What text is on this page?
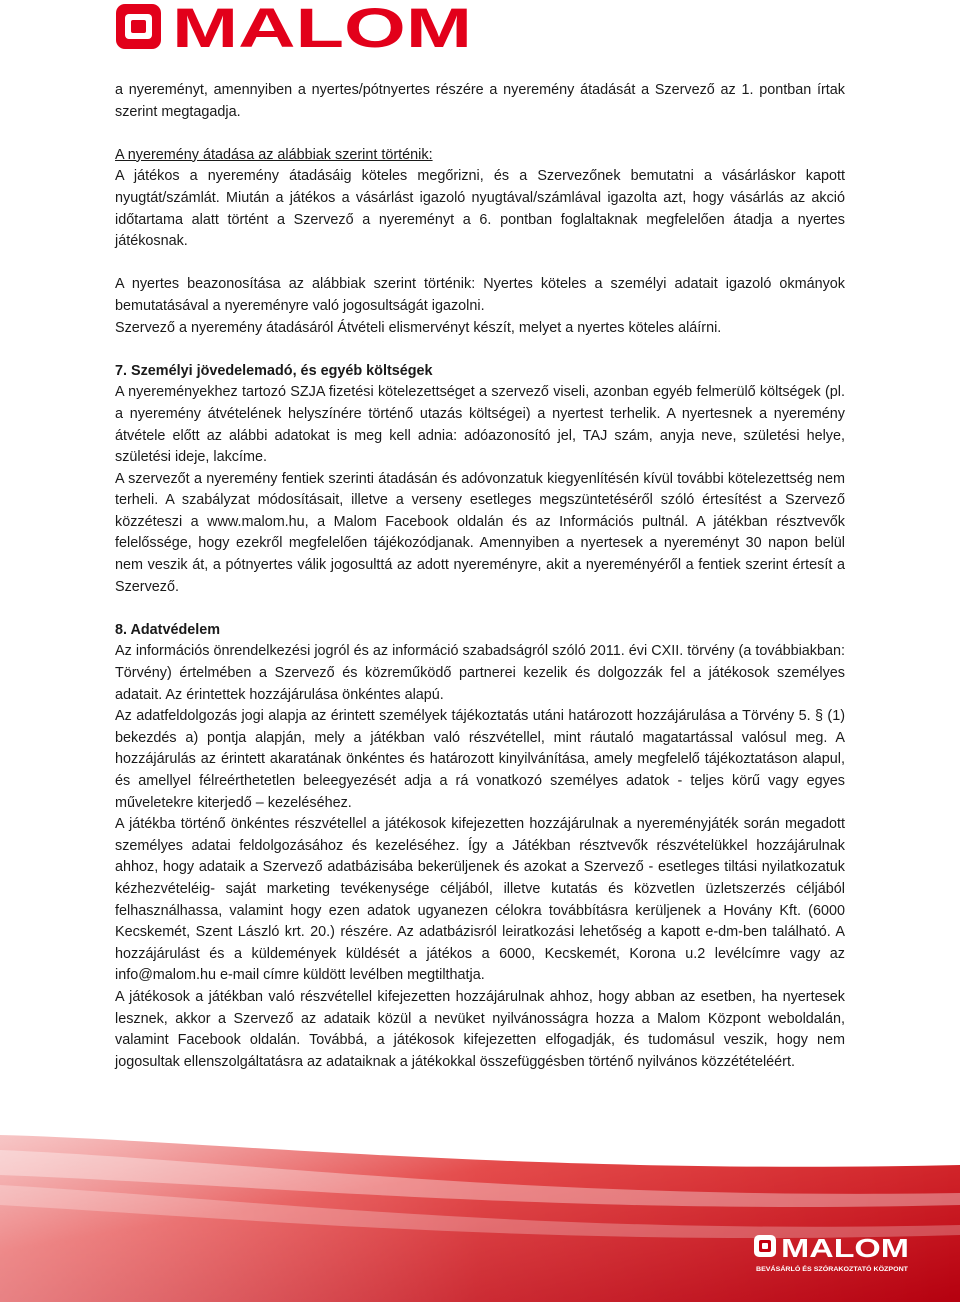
MALOM

a nyereményt, amennyiben a nyertes/pótnyertes részére a nyeremény átadását a Szervező az 1. pontban írtak szerint megtagadja.

A nyeremény átadása az alábbiak szerint történik:

A játékos a nyeremény átadásáig köteles megőrizni, és a Szervezőnek bemutatni a vásárláskor kapott nyugtát/számlát. Miután a játékos a vásárlást igazoló nyugtával/számlával igazolta azt, hogy vásárlás az akció időtartama alatt történt a Szervező a nyereményt a 6. pontban foglaltaknak megfelelően átadja a nyertes játékosnak.

A nyertes beazonosítása az alábbiak szerint történik: Nyertes köteles a személyi adatait igazoló okmányok bemutatásával a nyereményre való jogosultságát igazolni.

Szervező a nyeremény átadásáról Átvételi elismervényt készít, melyet a nyertes köteles aláírni.

7. Személyi jövedelemadó, és egyéb költségek

A nyereményekhez tartozó SZJA fizetési kötelezettséget a szervező viseli, azonban egyéb felmerülő költségek (pl. a nyeremény átvételének helyszínére történő utazás költségei) a nyertest terhelik. A nyertesnek a nyeremény átvétele előtt az alábbi adatokat is meg kell adnia: adóazonosító jel, TAJ szám, anyja neve, születési helye, születési ideje, lakcíme.

A szervezőt a nyeremény fentiek szerinti átadásán és adóvonzatuk kiegyenlítésén kívül további kötelezettség nem terheli. A szabályzat módosításait, illetve a verseny esetleges megszüntetéséről szóló értesítést a Szervező közzéteszi a www.malom.hu, a Malom Facebook oldalán és az Információs pultnál. A játékban résztvevők felelőssége, hogy ezekről megfelelően tájékozódjanak. Amennyiben a nyertesek a nyereményt 30 napon belül nem veszik át, a pótnyertes válik jogosulttá az adott nyereményre, akit a nyereményéről a fentiek szerint értesít a Szervező.

8. Adatvédelem

Az információs önrendelkezési jogról és az információ szabadságról szóló 2011. évi CXII. törvény (a továbbiakban: Törvény) értelmében a Szervező és közreműködő partnerei kezelik és dolgozzák fel a játékosok személyes adatait. Az érintettek hozzájárulása önkéntes alapú.

Az adatfeldolgozás jogi alapja az érintett személyek tájékoztatás utáni határozott hozzájárulása a Törvény 5. § (1) bekezdés a) pontja alapján, mely a játékban való részvétellel, mint ráutaló magatartással valósul meg. A hozzájárulás az érintett akaratának önkéntes és határozott kinyilvánítása, amely megfelelő tájékoztatáson alapul, és amellyel félreérthetetlen beleegyezését adja a rá vonatkozó személyes adatok - teljes körű vagy egyes műveletekre kiterjedő – kezeléséhez.

A játékba történő önkéntes részvétellel a játékosok kifejezetten hozzájárulnak a nyereményjáték során megadott személyes adatai feldolgozásához és kezeléséhez. Így a Játékban résztvevők részvételükkel hozzájárulnak ahhoz, hogy adataik a Szervező adatbázisába bekerüljenek és azokat a Szervező - esetleges tiltási nyilatkozatuk kézhezvételéig- saját marketing tevékenysége céljából, illetve kutatás és közvetlen üzletszerzés céljából felhasználhassa, valamint hogy ezen adatok ugyanezen célokra továbbításra kerüljenek a Hovány Kft. (6000 Kecskemét, Szent László krt. 20.) részére. Az adatbázisról leiratkozási lehetőség a kapott e-dm-ben található. A hozzájárulást és a küldemények küldését a játékos a 6000, Kecskemét, Korona u.2 levélcímre vagy az info@malom.hu e-mail címre küldött levélben megtilthatja.

A játékosok a játékban való részvétellel kifejezetten hozzájárulnak ahhoz, hogy abban az esetben, ha nyertesek lesznek, akkor a Szervező az adataik közül a nevüket nyilvánosságra hozza a Malom Központ weboldalán, valamint Facebook oldalán. Továbbá, a játékosok kifejezetten elfogadják, és tudomásul veszik, hogy nem jogosultak ellenszolgáltatásra az adataiknak a játékokkal összefüggésben történő nyilvános közzétételéért.

MALOM
BEVÁSÁRLÓ ÉS SZÓRAKOZTATÓ KÖZPONT
